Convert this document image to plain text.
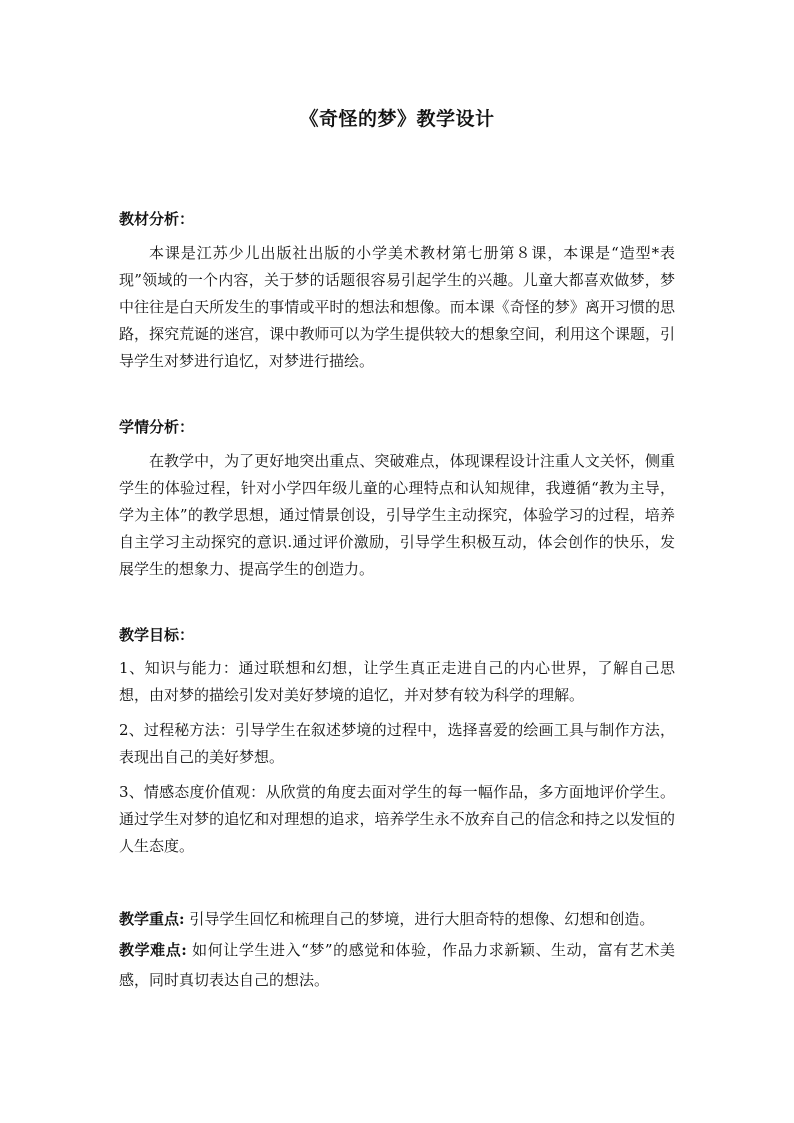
《奇怪的梦》教学设计
教材分析：
本课是江苏少儿出版社出版的小学美术教材第七册第８课，本课是“造型*表现”领域的一个内容，关于梦的话题很容易引起学生的兴趣。儿童大都喜欢做梦，梦中往往是白天所发生的事情或平时的想法和想像。而本课《奇怪的梦》离开习惯的思路，探究荒诞的迷宫，课中教师可以为学生提供较大的想象空间，利用这个课题，引导学生对梦进行追忆，对梦进行描绘。
学情分析：
在教学中，为了更好地突出重点、突破难点，体现课程设计注重人文关怀，侧重学生的体验过程，针对小学四年级儿童的心理特点和认知规律，我遵循“教为主导，学为主体”的教学思想，通过情景创设，引导学生主动探究，体验学习的过程，培养自主学习主动探究的意识.通过评价激励，引导学生积极互动，体会创作的快乐，发展学生的想象力、提高学生的创造力。
教学目标：
1、知识与能力：通过联想和幻想，让学生真正走进自己的内心世界，了解自己思想，由对梦的描绘引发对美好梦境的追忆，并对梦有较为科学的理解。
2、过程秘方法：引导学生在叙述梦境的过程中，选择喜爱的绘画工具与制作方法，表现出自己的美好梦想。
3、情感态度价值观：从欣赏的角度去面对学生的每一幅作品，多方面地评价学生。通过学生对梦的追忆和对理想的追求，培养学生永不放弃自己的信念和持之以发恒的人生态度。
教学重点: 引导学生回忆和梳理自己的梦境，进行大胆奇特的想像、幻想和创造。
教学难点: 如何让学生进入“梦”的感觉和体验，作品力求新颖、生动，富有艺术美感，同时真切表达自己的想法。
